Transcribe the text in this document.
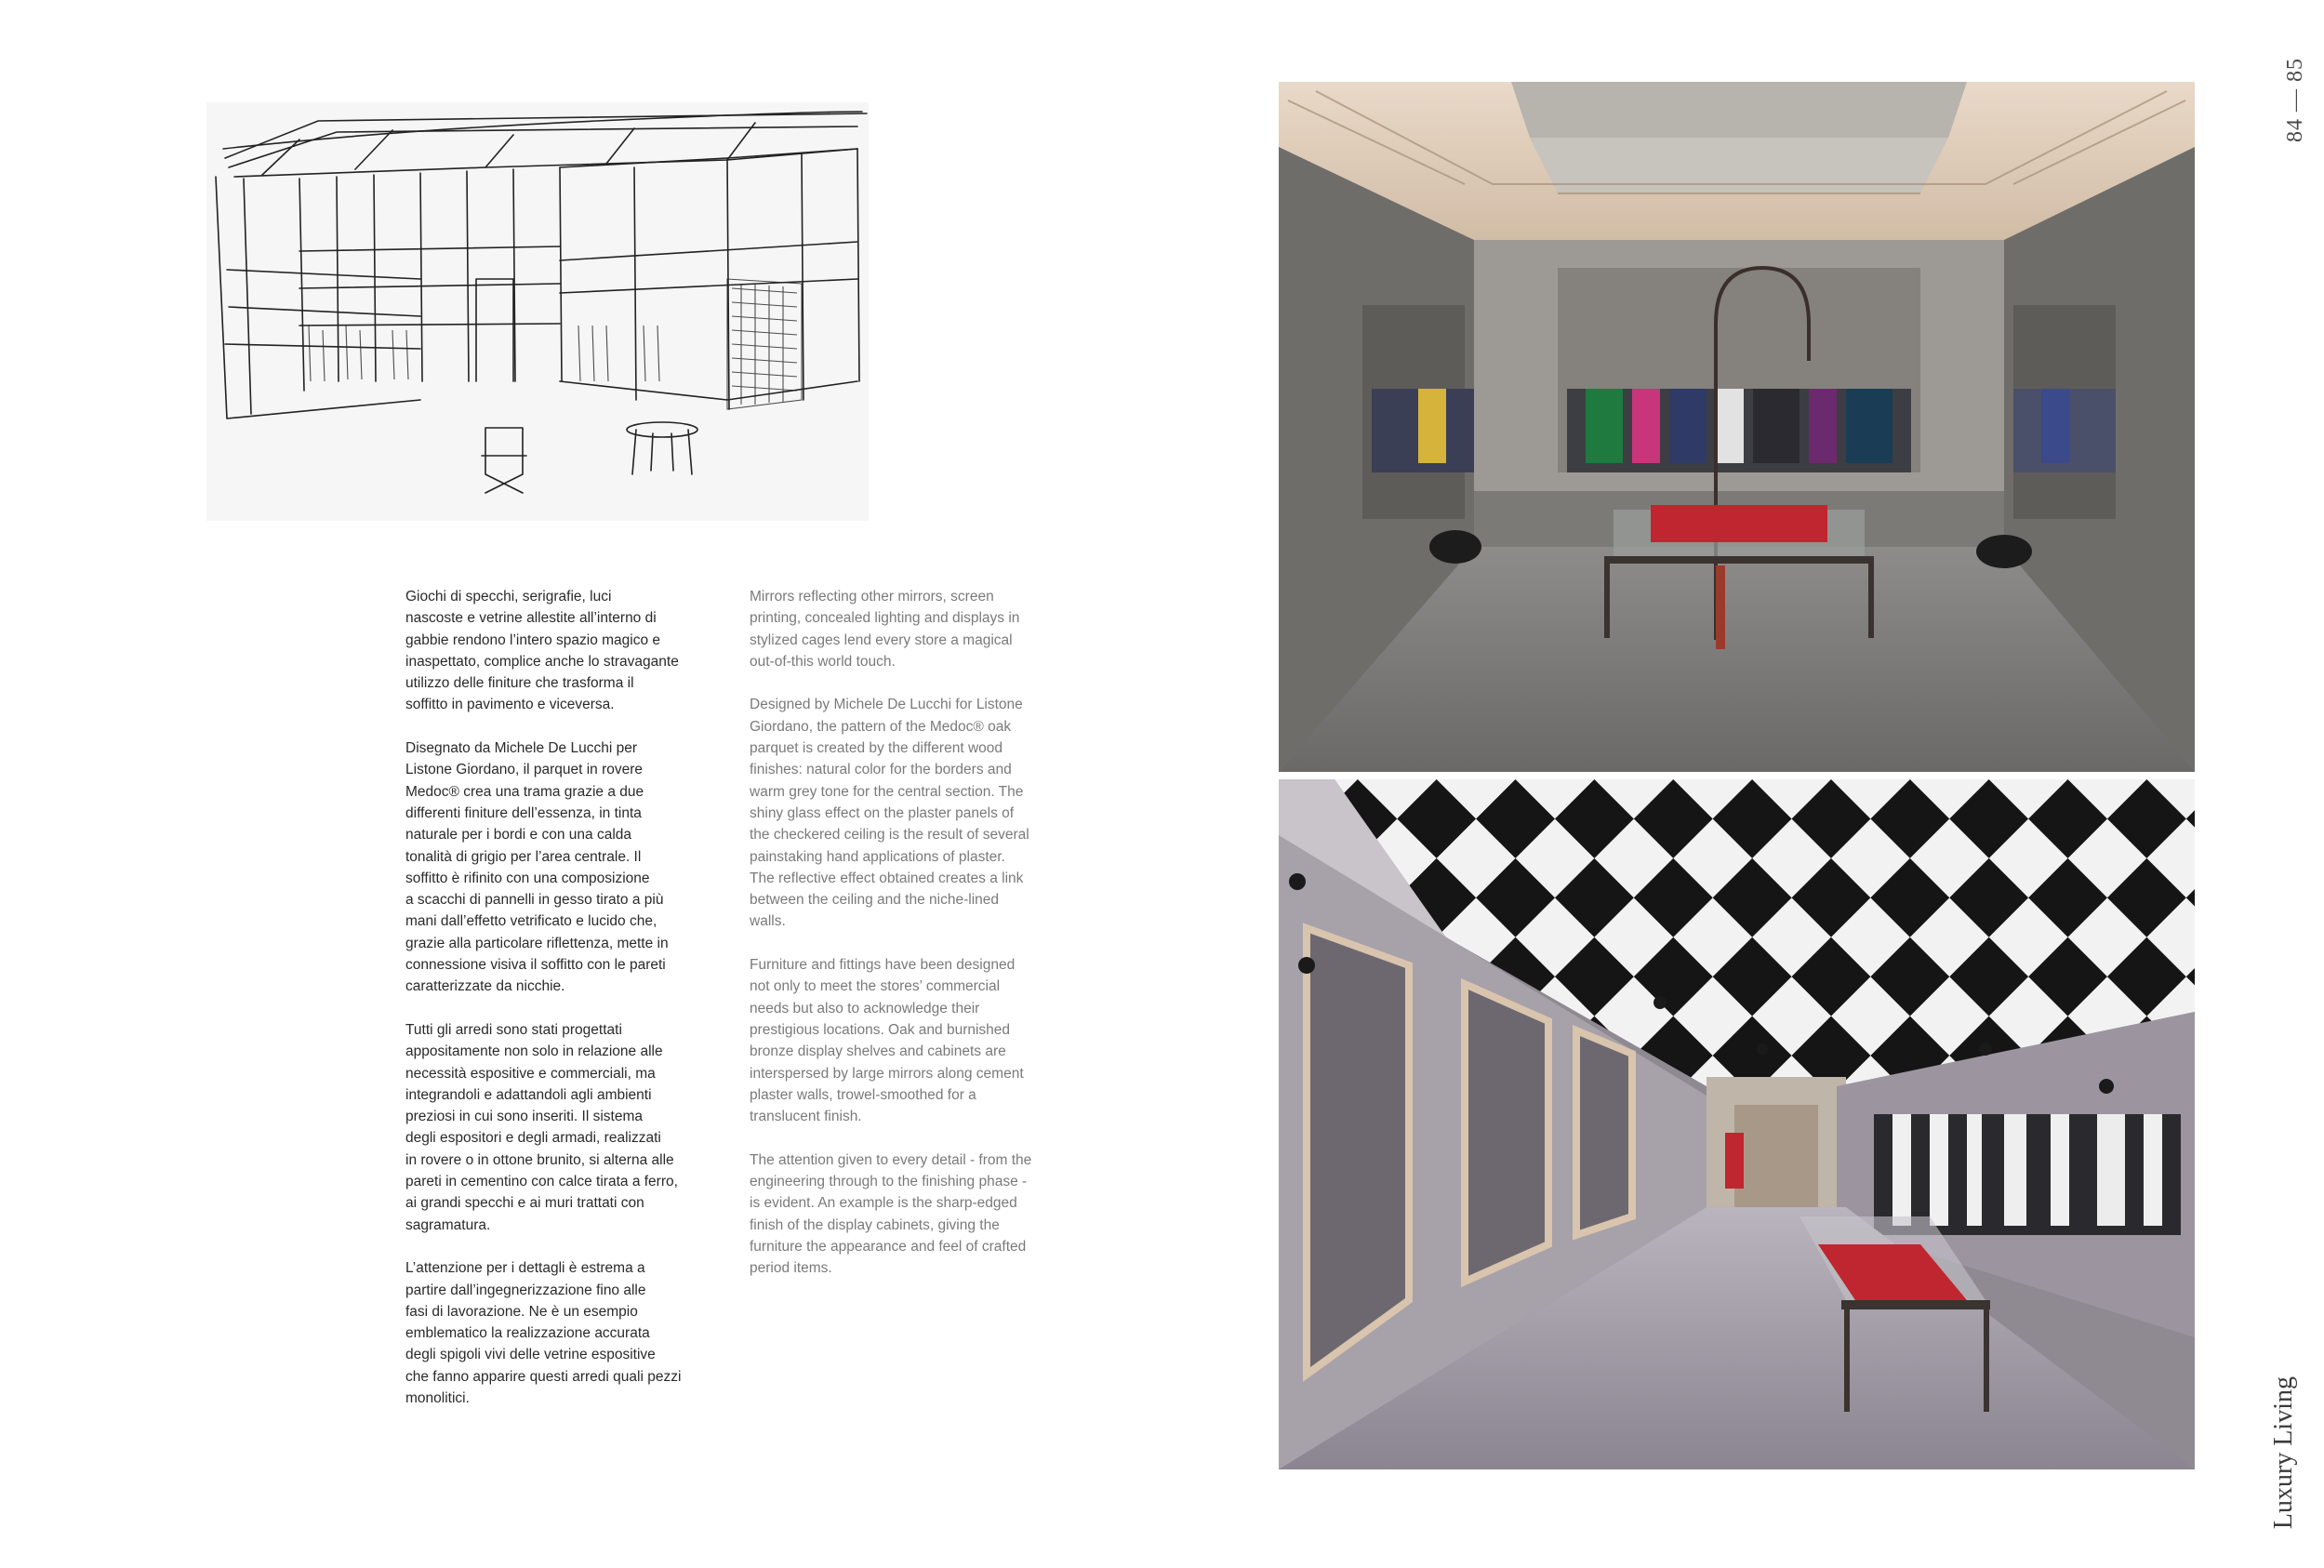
Giochi di specchi, serigrafie, luci
nascoste e vetrine allestite all’interno di
gabbie rendono l’intero spazio magico e
inaspettato, complice anche lo stravagante
utilizzo delle finiture che trasforma il
soffitto in pavimento e viceversa.

Disegnato da Michele De Lucchi per
Listone Giordano, il parquet in rovere
Medoc® crea una trama grazie a due
differenti finiture dell’essenza, in tinta
naturale per i bordi e con una calda
tonalità di grigio per l’area centrale. Il
soffitto è rifinito con una composizione
a scacchi di pannelli in gesso tirato a più
mani dall’effetto vetrificato e lucido che,
grazie alla particolare riflettenza, mette in
connessione visiva il soffitto con le pareti
caratterizzate da nicchie.

Tutti gli arredi sono stati progettati
appositamente non solo in relazione alle
necessità espositive e commerciali, ma
integrandoli e adattandoli agli ambienti
preziosi in cui sono inseriti. Il sistema
degli espositori e degli armadi, realizzati
in rovere o in ottone brunito, si alterna alle
pareti in cementino con calce tirata a ferro,
ai grandi specchi e ai muri trattati con
sagramatura.

L’attenzione per i dettagli è estrema a
partire dall’ingegnerizzazione fino alle
fasi di lavorazione. Ne è un esempio
emblematico la realizzazione accurata
degli spigoli vivi delle vetrine espositive
che fanno apparire questi arredi quali pezzi
monolitici.

Mirrors reflecting other mirrors, screen
printing, concealed lighting and displays in
stylized cages lend every store a magical
out-of-this world touch.

Designed by Michele De Lucchi for Listone
Giordano, the pattern of the Medoc® oak
parquet is created by the different wood
finishes: natural color for the borders and
warm grey tone for the central section. The
shiny glass effect on the plaster panels of
the checkered ceiling is the result of several
painstaking hand applications of plaster.
The reflective effect obtained creates a link
between the ceiling and the niche-lined
walls.

Furniture and fittings have been designed
not only to meet the stores’ commercial
needs but also to acknowledge their
prestigious locations. Oak and burnished
bronze display shelves and cabinets are
interspersed by large mirrors along cement
plaster walls, trowel-smoothed for a
translucent finish.

The attention given to every detail - from the
engineering through to the finishing phase -
is evident. An example is the sharp-edged
finish of the display cabinets, giving the
furniture the appearance and feel of crafted
period items.

84 — 85
Luxury Living
